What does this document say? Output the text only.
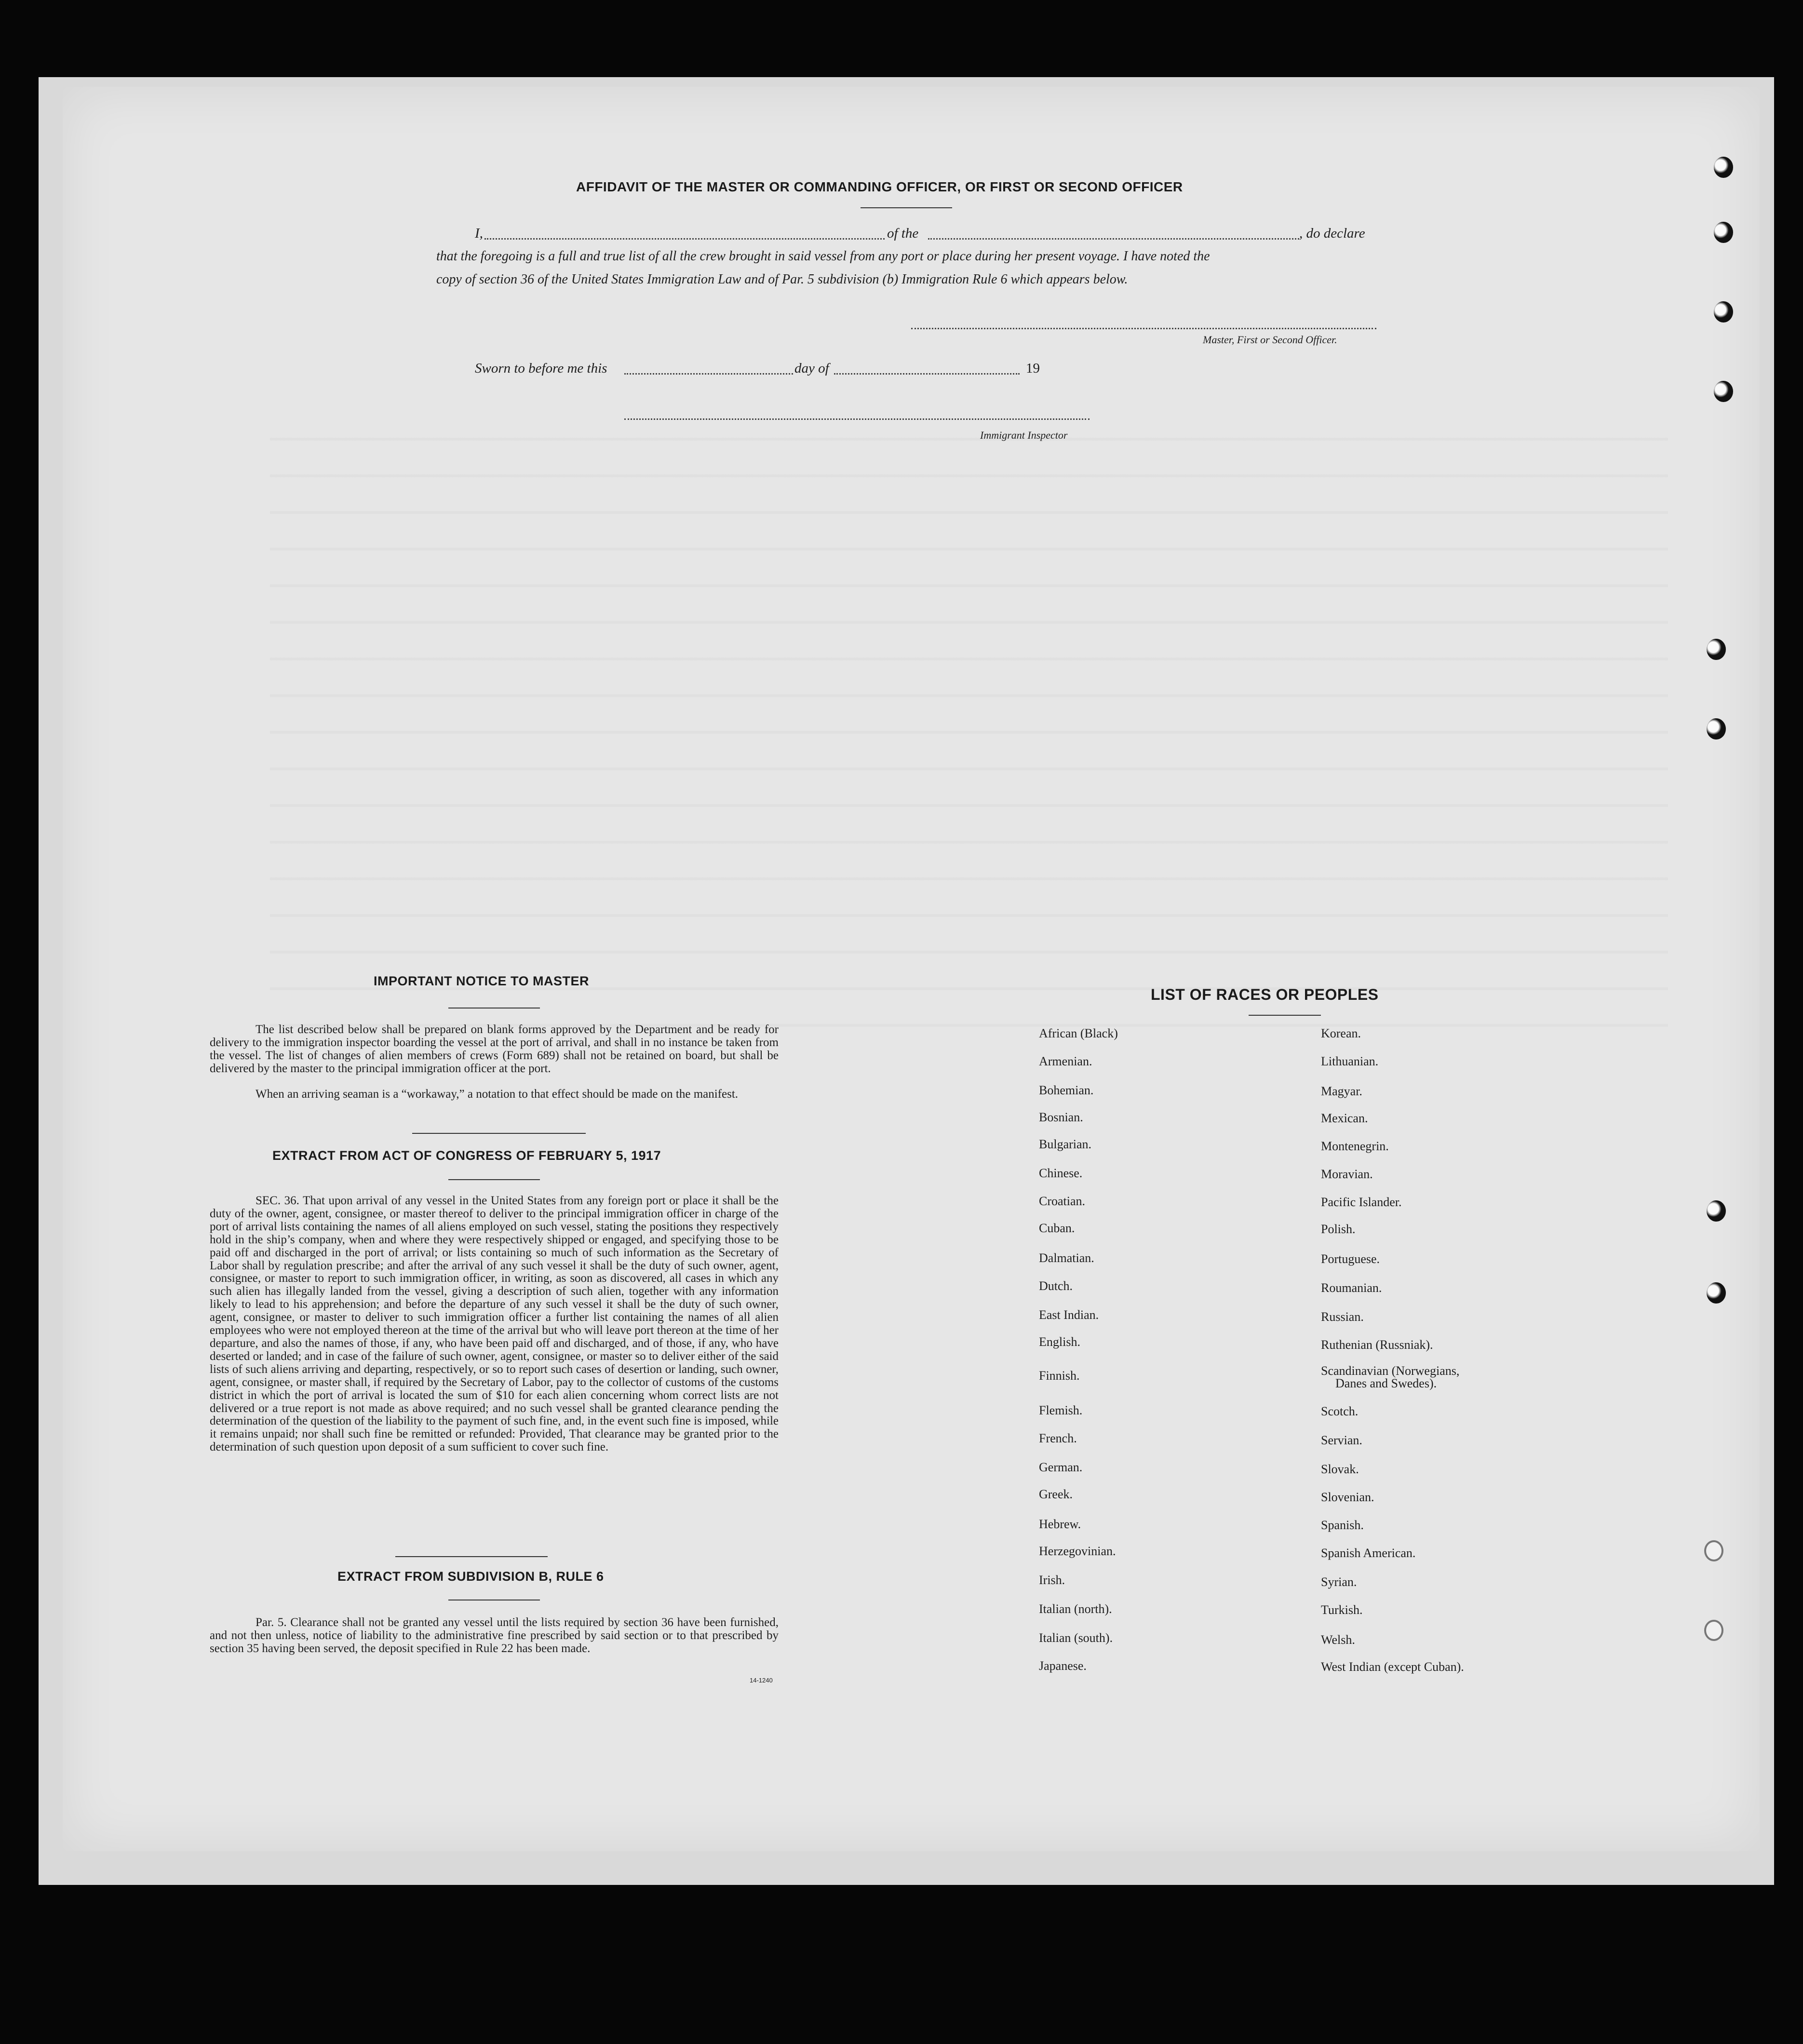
AFFIDAVIT OF THE MASTER OR COMMANDING OFFICER, OR FIRST OR SECOND OFFICER
I,	of the	, do declare
that the foregoing is a full and true list of all the crew brought in said vessel from any port or place during her present voyage. I have noted the
copy of section 36 of the United States Immigration Law and of Par. 5 subdivision (b) Immigration Rule 6 which appears below.
Master, First or Second Officer.
Sworn to before me this	day of	19
Immigrant Inspector
IMPORTANT NOTICE TO MASTER

The list described below shall be prepared on blank forms approved by the Department and be ready for delivery to the immigration inspector boarding the vessel at the port of arrival, and shall in no instance be taken from the vessel. The list of changes of alien members of crews (Form 689) shall not be retained on board, but shall be delivered by the master to the principal immigration officer at the port.

When an arriving seaman is a “workaway,” a notation to that effect should be made on the manifest.

EXTRACT FROM ACT OF CONGRESS OF FEBRUARY 5, 1917

SEC. 36. That upon arrival of any vessel in the United States from any foreign port or place it shall be the duty of the owner, agent, consignee, or master thereof to deliver to the principal immigration officer in charge of the port of arrival lists containing the names of all aliens employed on such vessel, stating the positions they respectively hold in the ship’s company, when and where they were respectively shipped or engaged, and specifying those to be paid off and discharged in the port of arrival; or lists containing so much of such information as the Secretary of Labor shall by regulation prescribe; and after the arrival of any such vessel it shall be the duty of such owner, agent, consignee, or master to report to such immigration officer, in writing, as soon as discovered, all cases in which any such alien has illegally landed from the vessel, giving a description of such alien, together with any information likely to lead to his apprehension; and before the departure of any such vessel it shall be the duty of such owner, agent, consignee, or master to deliver to such immigration officer a further list containing the names of all alien employees who were not employed thereon at the time of the arrival but who will leave port thereon at the time of her departure, and also the names of those, if any, who have been paid off and discharged, and of those, if any, who have deserted or landed; and in case of the failure of such owner, agent, consignee, or master so to deliver either of the said lists of such aliens arriving and departing, respectively, or so to report such cases of desertion or landing, such owner, agent, consignee, or master shall, if required by the Secretary of Labor, pay to the collector of customs of the customs district in which the port of arrival is located the sum of $10 for each alien concerning whom correct lists are not delivered or a true report is not made as above required; and no such vessel shall be granted clearance pending the determination of the question of the liability to the payment of such fine, and, in the event such fine is imposed, while it remains unpaid; nor shall such fine be remitted or refunded: Provided, That clearance may be granted prior to the determination of such question upon deposit of a sum sufficient to cover such fine.

EXTRACT FROM SUBDIVISION B, RULE 6

Par. 5. Clearance shall not be granted any vessel until the lists required by section 36 have been furnished, and not then unless, notice of liability to the administrative fine prescribed by said section or to that prescribed by section 35 having been served, the deposit specified in Rule 22 has been made.

14-1240
LIST OF RACES OR PEOPLES
African (Black)
Armenian.
Bohemian.
Bosnian.
Bulgarian.
Chinese.
Croatian.
Cuban.
Dalmatian.
Dutch.
East Indian.
English.
Finnish.
Flemish.
French.
German.
Greek.
Hebrew.
Herzegovinian.
Irish.
Italian (north).
Italian (south).
Japanese.
Korean.
Lithuanian.
Magyar.
Mexican.
Montenegrin.
Moravian.
Pacific Islander.
Polish.
Portuguese.
Roumanian.
Russian.
Ruthenian (Russniak).
Scandinavian (Norwegians,
Danes and Swedes).
Scotch.
Servian.
Slovak.
Slovenian.
Spanish.
Spanish American.
Syrian.
Turkish.
Welsh.
West Indian (except Cuban).
